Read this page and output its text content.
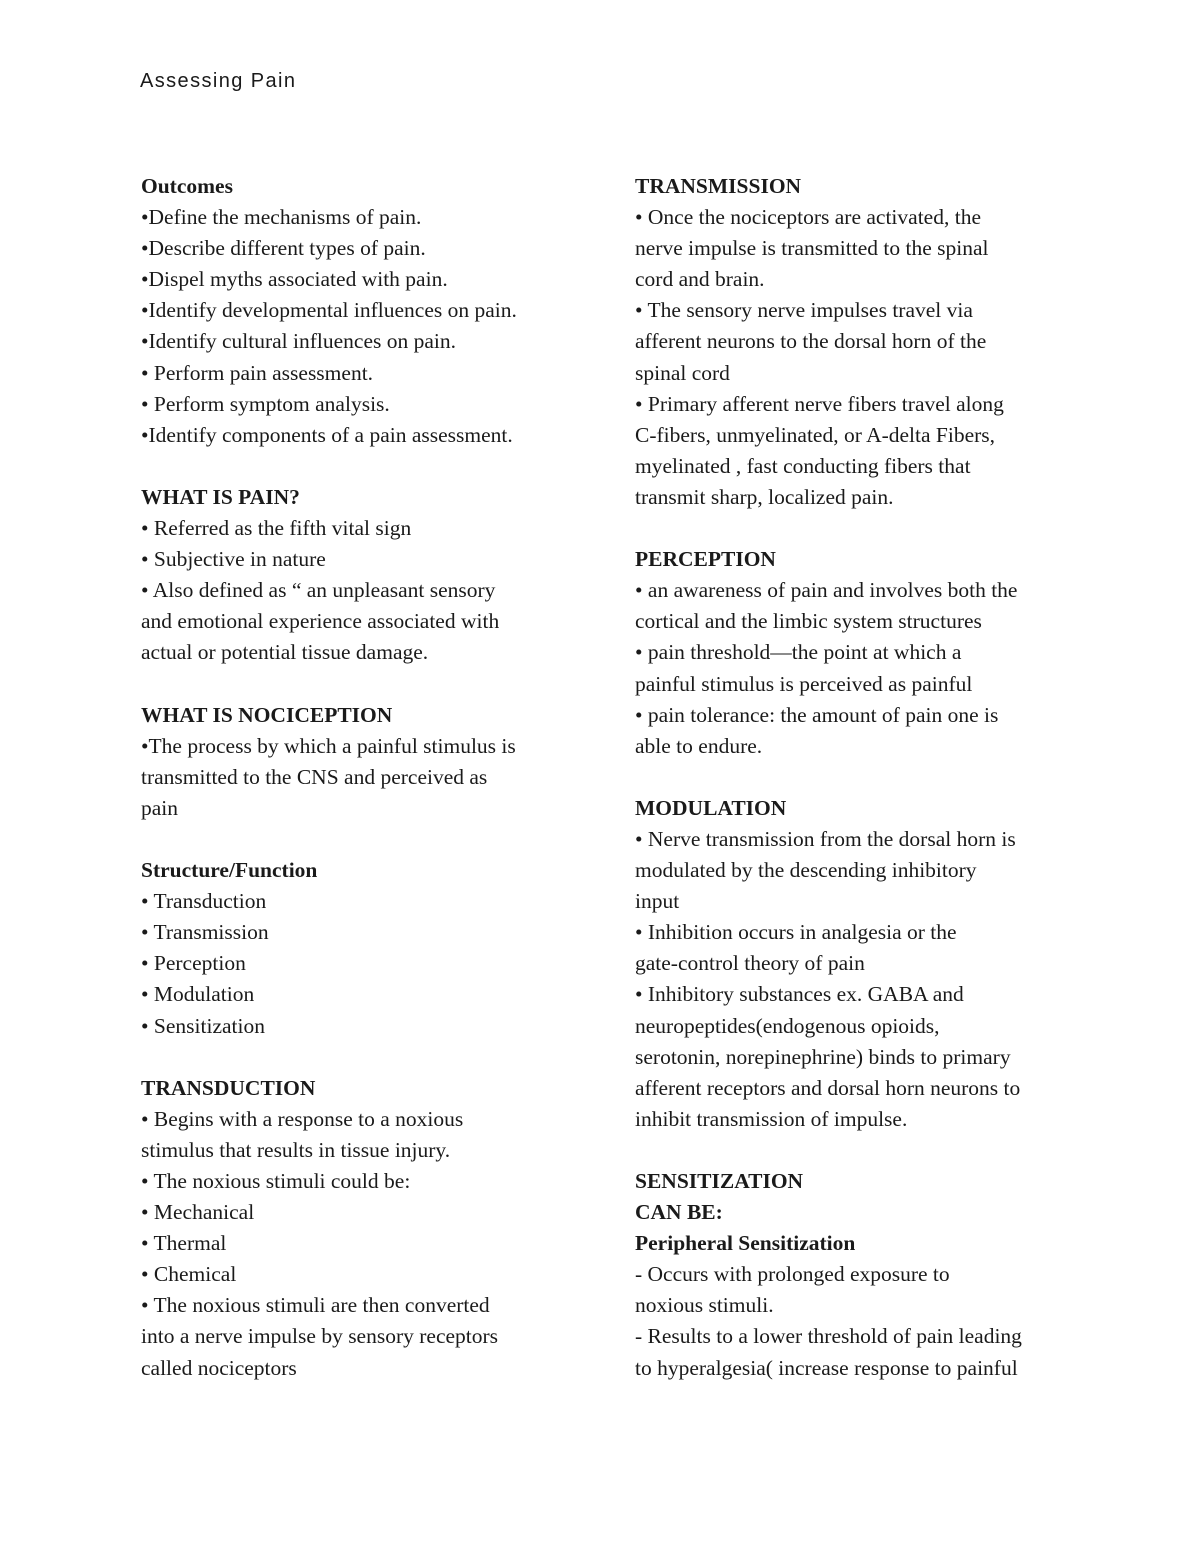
Assessing Pain

Outcomes

•Define the mechanisms of pain.

•Describe different types of pain.

•Dispel myths associated with pain.

•Identify developmental influences on pain.

•Identify cultural influences on pain.

• Perform pain assessment.

• Perform symptom analysis.

•Identify components of a pain assessment.

WHAT IS PAIN?

• Referred as the fifth vital sign

• Subjective in nature

• Also defined as “ an unpleasant sensory

and emotional experience associated with

actual or potential tissue damage.

WHAT IS NOCICEPTION

•The process by which a painful stimulus is

transmitted to the CNS and perceived as

pain

Structure/Function

• Transduction

• Transmission

• Perception

• Modulation

• Sensitization

TRANSDUCTION

• Begins with a response to a noxious

stimulus that results in tissue injury.

• The noxious stimuli could be:

• Mechanical

• Thermal

• Chemical

• The noxious stimuli are then converted

into a nerve impulse by sensory receptors

called nociceptors

TRANSMISSION

• Once the nociceptors are activated, the

nerve impulse is transmitted to the spinal

cord and brain.

• The sensory nerve impulses travel via

afferent neurons to the dorsal horn of the

spinal cord

• Primary afferent nerve fibers travel along

C-fibers, unmyelinated, or A-delta Fibers,

myelinated , fast conducting fibers that

transmit sharp, localized pain.

PERCEPTION

• an awareness of pain and involves both the

cortical and the limbic system structures

• pain threshold—the point at which a

painful stimulus is perceived as painful

• pain tolerance: the amount of pain one is

able to endure.

MODULATION

• Nerve transmission from the dorsal horn is

modulated by the descending inhibitory

input

• Inhibition occurs in analgesia or the

gate-control theory of pain

• Inhibitory substances ex. GABA and

neuropeptides(endogenous opioids,

serotonin, norepinephrine) binds to primary

afferent receptors and dorsal horn neurons to

inhibit transmission of impulse.

SENSITIZATION

CAN BE:

Peripheral Sensitization

- Occurs with prolonged exposure to

noxious stimuli.

- Results to a lower threshold of pain leading

to hyperalgesia( increase response to painful
